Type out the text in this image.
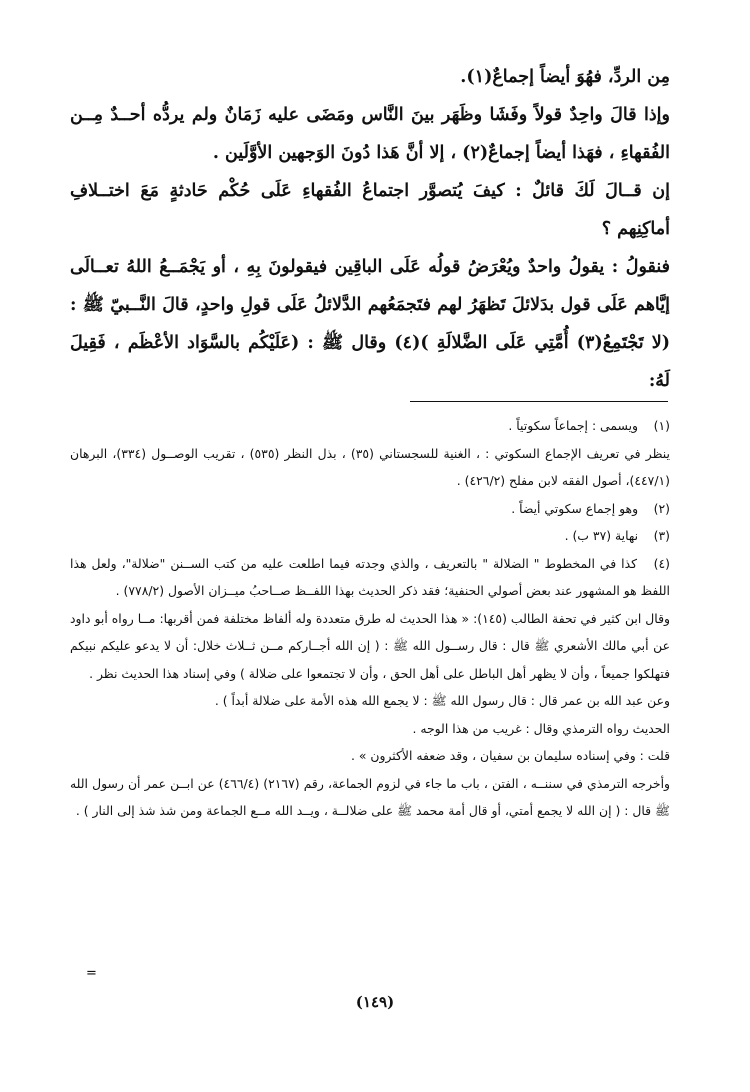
مِن الردِّ، فهُوَ أيضاً إجماعٌ(١).

وإذا قالَ واحِدٌ قولاً وفَشَا وظَهَر بينَ النَّاس ومَضَى عليه زَمَانٌ ولم يردُّه أحــدٌ مِــن الفُقهاءِ ، فهَذا أيضاً إجماعٌ(٢) ، إلا أنَّ هَذا دُونَ الوَجهين الأوَّلَين .

إن قــالَ لَكَ قائلٌ : كيفَ يُتصوَّر اجتماعُ الفُقهاءِ عَلَى حُكْم حَادثةٍ مَعَ اختــلافِ أماكِنِهم ؟

فنقولُ : يقولُ واحدٌ ويُعْرَضُ قولُه عَلَى الباقِين فيقولونَ بِهِ ، أو يَجْمَــعُ اللهُ تعــالَى إيَّاهم عَلَى قول بدَلائلَ تَظهَرُ لهم فتَجمَعُهم الدَّلائلُ عَلَى قولِ واحدٍ، قالَ النَّــبيّ ﷺ : (لا تَجْتَمِعُ(٣) أُمَّتِي عَلَى الضَّلالَةِ )(٤) وقال ﷺ : (عَلَيْكُم بالسَّوَاد الأعْظَم ، فَقِيلَ لَهُ:

(١) ويسمى : إجماعاً سكوتياً .

ينظر في تعريف الإجماع السكوتي : ، الغنية للسجستاني (٣٥) ، بذل النظر (٥٣٥) ، تقريب الوصــول (٣٣٤)، البرهان (٤٤٧/١)، أصول الفقه لابن مفلح (٤٢٦/٢) .

(٢) وهو إجماع سكوتي أيضاً .

(٣) نهاية (٣٧ ب) .

(٤) كذا في المخطوط " الضلالة " بالتعريف ، والذي وجدته فيما اطلعت عليه من كتب الســنن "ضلالة"، ولعل هذا اللفظ هو المشهور عند بعض أصولي الحنفية؛ فقد ذكر الحديث بهذا اللفــظ صــاحبُ ميــزان الأصول (٧٧٨/٢) .

وقال ابن كثير في تحفة الطالب (١٤٥): « هذا الحديث له طرق متعددة وله ألفاظ مختلفة فمن أقربها: مــا رواه أبو داود عن أبي مالك الأشعري ﷺ قال : قال رســول الله ﷺ : ( إن الله أجــاركم مــن ثــلاث خلال: أن لا يدعو عليكم نبيكم فتهلكوا جميعاً ، وأن لا يظهر أهل الباطل على أهل الحق ، وأن لا تجتمعوا على ضلالة ) وفي إسناد هذا الحديث نظر .

وعن عبد الله بن عمر قال : قال رسول الله ﷺ : لا يجمع الله هذه الأمة على ضلالة أبداً ) .

الحديث رواه الترمذي وقال : غريب من هذا الوجه .

قلت : وفي إسناده سليمان بن سفيان ، وقد ضعفه الأكثرون » .

وأخرجه الترمذي في سننــه ، الفتن ، باب ما جاء في لزوم الجماعة، رقم (٢١٦٧) (٤٦٦/٤) عن ابــن عمر أن رسول الله ﷺ قال : ( إن الله لا يجمع أمتي، أو قال أمة محمد ﷺ على ضلالــة ، ويــد الله مــع الجماعة ومن شذ شذ إلى النار ) .

=
(١٤٩)
